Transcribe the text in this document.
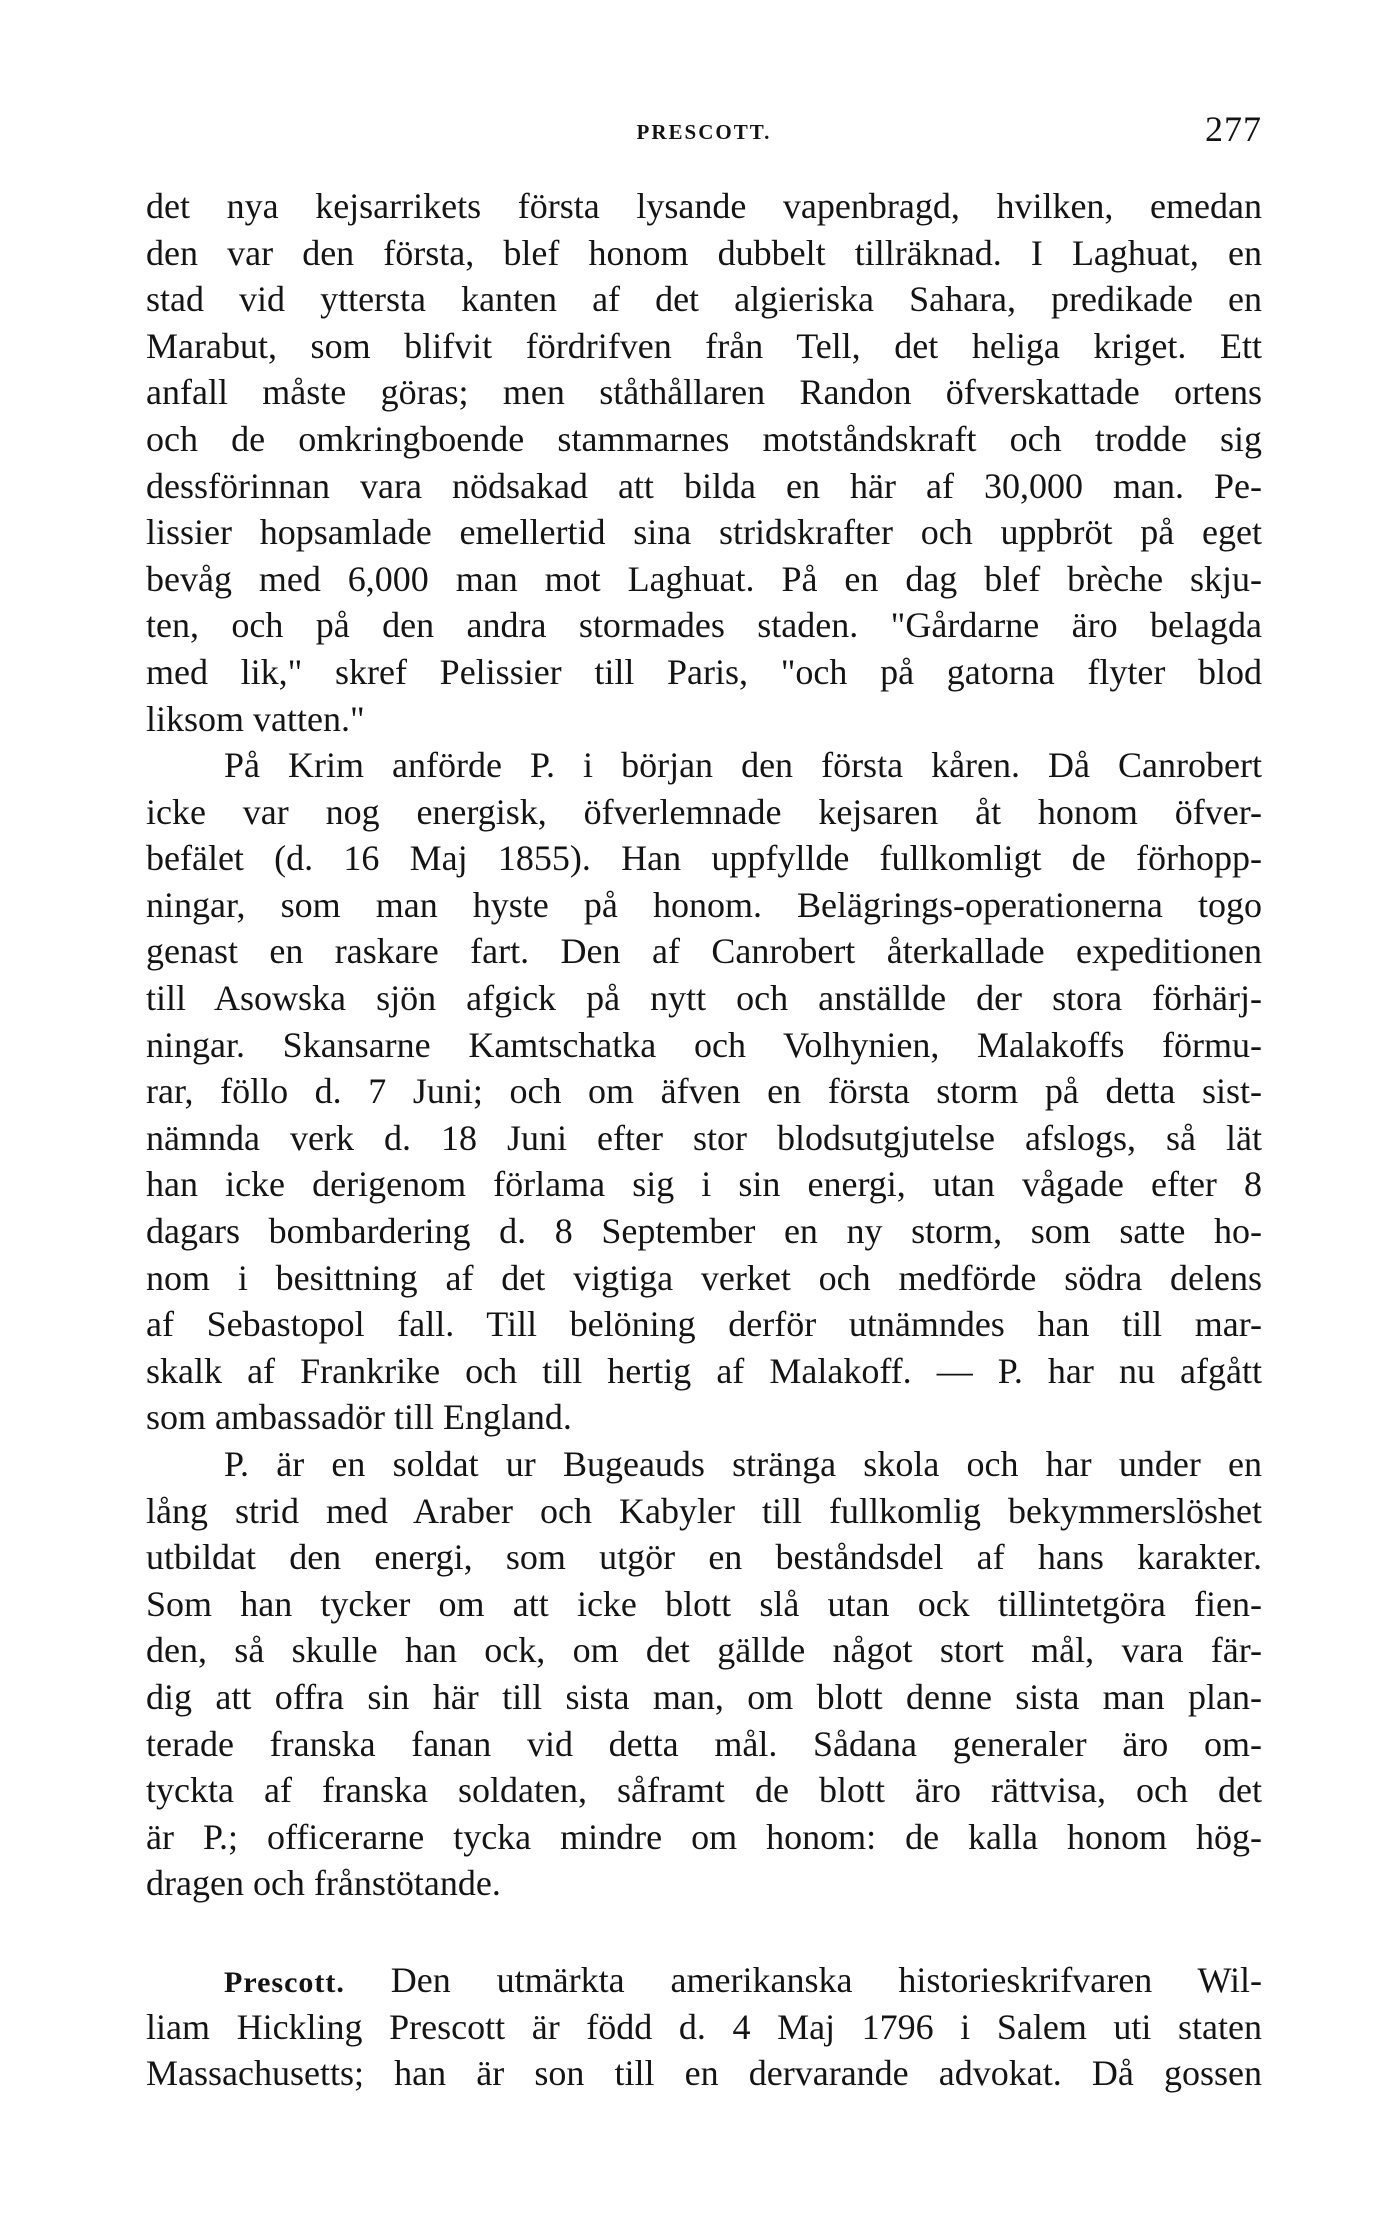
PRESCOTT.	277
det nya kejsarrikets första lysande vapenbragd, hvilken, emedan
den var den första, blef honom dubbelt tillräknad. I Laghuat, en
stad vid yttersta kanten af det algieriska Sahara, predikade en
Marabut, som blifvit fördrifven från Tell, det heliga kriget. Ett
anfall måste göras; men ståthållaren Randon öfverskattade ortens
och de omkringboende stammarnes motståndskraft och trodde sig
dessförinnan vara nödsakad att bilda en här af 30,000 man. Pe-
lissier hopsamlade emellertid sina stridskrafter och uppbröt på eget
bevåg med 6,000 man mot Laghuat. På en dag blef brèche skju-
ten, och på den andra stormades staden. "Gårdarne äro belagda
med lik," skref Pelissier till Paris, "och på gatorna flyter blod
liksom vatten."
På Krim anförde P. i början den första kåren. Då Canrobert
icke var nog energisk, öfverlemnade kejsaren åt honom öfver-
befälet (d. 16 Maj 1855). Han uppfyllde fullkomligt de förhopp-
ningar, som man hyste på honom. Belägrings-operationerna togo
genast en raskare fart. Den af Canrobert återkallade expeditionen
till Asowska sjön afgick på nytt och anställde der stora förhärj-
ningar. Skansarne Kamtschatka och Volhynien, Malakoffs förmu-
rar, föllo d. 7 Juni; och om äfven en första storm på detta sist-
nämnda verk d. 18 Juni efter stor blodsutgjutelse afslogs, så lät
han icke derigenom förlama sig i sin energi, utan vågade efter 8
dagars bombardering d. 8 September en ny storm, som satte ho-
nom i besittning af det vigtiga verket och medförde södra delens
af Sebastopol fall. Till belöning derför utnämndes han till mar-
skalk af Frankrike och till hertig af Malakoff. — P. har nu afgått
som ambassadör till England.
P. är en soldat ur Bugeauds stränga skola och har under en
lång strid med Araber och Kabyler till fullkomlig bekymmerslöshet
utbildat den energi, som utgör en beståndsdel af hans karakter.
Som han tycker om att icke blott slå utan ock tillintetgöra fien-
den, så skulle han ock, om det gällde något stort mål, vara fär-
dig att offra sin här till sista man, om blott denne sista man plan-
terade franska fanan vid detta mål. Sådana generaler äro om-
tyckta af franska soldaten, såframt de blott äro rättvisa, och det
är P.; officerarne tycka mindre om honom: de kalla honom hög-
dragen och frånstötande.
Prescott. Den utmärkta amerikanska historieskrifvaren Wil-
liam Hickling Prescott är född d. 4 Maj 1796 i Salem uti staten
Massachusetts; han är son till en dervarande advokat. Då gossen
